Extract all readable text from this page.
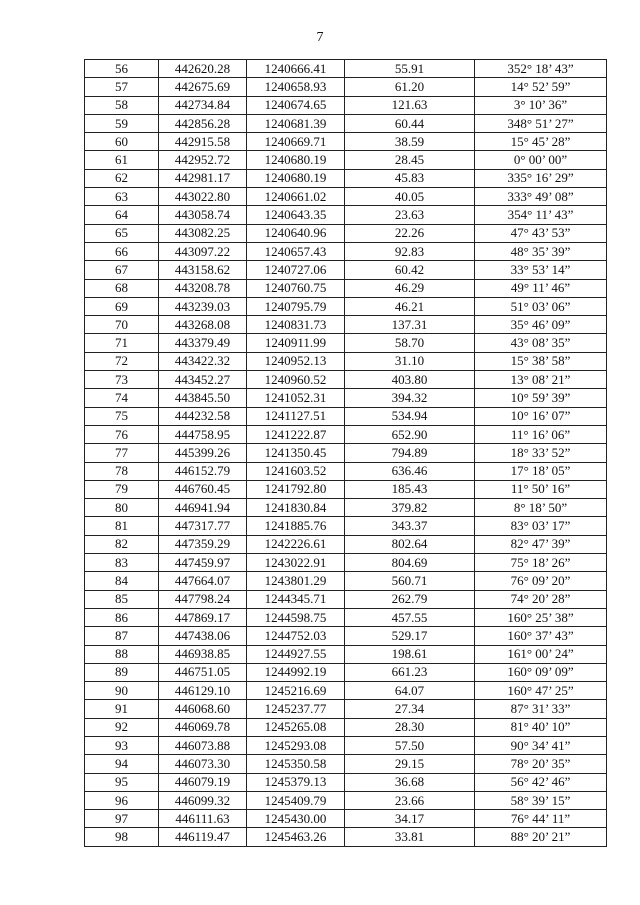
7
56	442620.28	1240666.41	55.91	352° 18’ 43”
57	442675.69	1240658.93	61.20	14° 52’ 59”
58	442734.84	1240674.65	121.63	3° 10’ 36”
59	442856.28	1240681.39	60.44	348° 51’ 27”
60	442915.58	1240669.71	38.59	15° 45’ 28”
61	442952.72	1240680.19	28.45	0° 00’ 00”
62	442981.17	1240680.19	45.83	335° 16’ 29”
63	443022.80	1240661.02	40.05	333° 49’ 08”
64	443058.74	1240643.35	23.63	354° 11’ 43”
65	443082.25	1240640.96	22.26	47° 43’ 53”
66	443097.22	1240657.43	92.83	48° 35’ 39”
67	443158.62	1240727.06	60.42	33° 53’ 14”
68	443208.78	1240760.75	46.29	49° 11’ 46”
69	443239.03	1240795.79	46.21	51° 03’ 06”
70	443268.08	1240831.73	137.31	35° 46’ 09”
71	443379.49	1240911.99	58.70	43° 08’ 35”
72	443422.32	1240952.13	31.10	15° 38’ 58”
73	443452.27	1240960.52	403.80	13° 08’ 21”
74	443845.50	1241052.31	394.32	10° 59’ 39”
75	444232.58	1241127.51	534.94	10° 16’ 07”
76	444758.95	1241222.87	652.90	11° 16’ 06”
77	445399.26	1241350.45	794.89	18° 33’ 52”
78	446152.79	1241603.52	636.46	17° 18’ 05”
79	446760.45	1241792.80	185.43	11° 50’ 16”
80	446941.94	1241830.84	379.82	8° 18’ 50”
81	447317.77	1241885.76	343.37	83° 03’ 17”
82	447359.29	1242226.61	802.64	82° 47’ 39”
83	447459.97	1243022.91	804.69	75° 18’ 26”
84	447664.07	1243801.29	560.71	76° 09’ 20”
85	447798.24	1244345.71	262.79	74° 20’ 28”
86	447869.17	1244598.75	457.55	160° 25’ 38”
87	447438.06	1244752.03	529.17	160° 37’ 43”
88	446938.85	1244927.55	198.61	161° 00’ 24”
89	446751.05	1244992.19	661.23	160° 09’ 09”
90	446129.10	1245216.69	64.07	160° 47’ 25”
91	446068.60	1245237.77	27.34	87° 31’ 33”
92	446069.78	1245265.08	28.30	81° 40’ 10”
93	446073.88	1245293.08	57.50	90° 34’ 41”
94	446073.30	1245350.58	29.15	78° 20’ 35”
95	446079.19	1245379.13	36.68	56° 42’ 46”
96	446099.32	1245409.79	23.66	58° 39’ 15”
97	446111.63	1245430.00	34.17	76° 44’ 11”
98	446119.47	1245463.26	33.81	88° 20’ 21”
